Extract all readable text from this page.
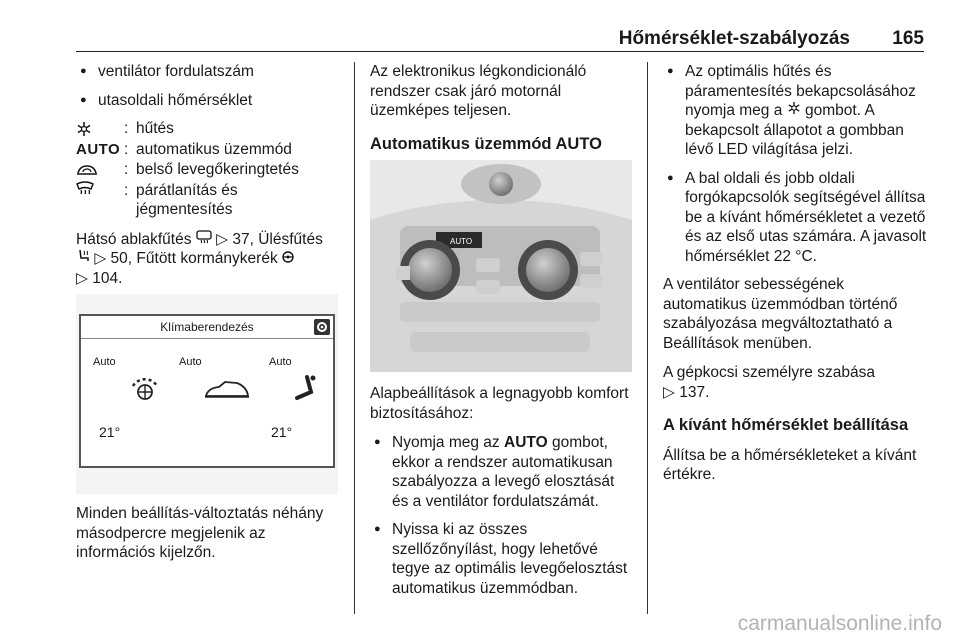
Hőmérséklet-szabályozás 165
● ventilátor fordulatszám
● utasoldali hőmérséklet
: hűtés
AUTO : automatikus üzemmód
: belső levegőkeringtetés
: párátlanítás és jégmentesítés

Hátsó ablakfűtés ▷ 37, Ülésfűtés  ▷ 50, Fűtött kormánykerék
▷ 104.

Minden beállítás-változtatás néhány másodpercre megjelenik az információs kijelzőn.

Klímaberendezés
Auto	Auto	Auto
21°	21°

Az elektronikus légkondicionáló rendszer csak járó motornál üzemképes teljesen.

Automatikus üzemmód AUTO

Alapbeállítások a legnagyobb komfort biztosításához:

● Nyomja meg az AUTO gombot, ekkor a rendszer automatikusan szabályozza a levegő elosztását és a ventilátor fordulatszámát.
● Nyissa ki az összes szellőzőnyílást, hogy lehetővé tegye az optimális levegőelosztást automatikus üzemmódban.
AUTO
● Az optimális hűtés és páramentesítés bekapcsolásához nyomja meg a gombot. A bekapcsolt állapotot a gombban lévő LED világítása jelzi.
● A bal oldali és jobb oldali forgókapcsolók segítségével állítsa be a kívánt hőmérsékletet a vezető és az első utas számára. A javasolt hőmérséklet 22 °C.

A ventilátor sebességének automatikus üzemmódban történő szabályozása megváltoztatható a Beállítások menüben.

A gépkocsi személyre szabása
▷ 137.

A kívánt hőmérséklet beállítása

Állítsa be a hőmérsékleteket a kívánt értékre.

carmanualsonline.info
